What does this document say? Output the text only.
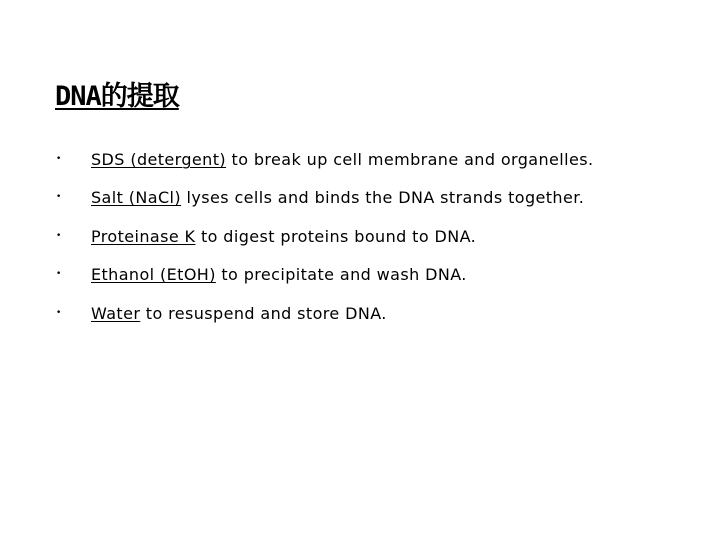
DNA的提取
•	SDS (detergent) to break up cell membrane and organelles.
•	Salt (NaCl) lyses cells and binds the DNA strands together.
•	Proteinase K to digest proteins bound to DNA.
•	Ethanol (EtOH) to precipitate and wash DNA.
•	Water to resuspend and store DNA.
